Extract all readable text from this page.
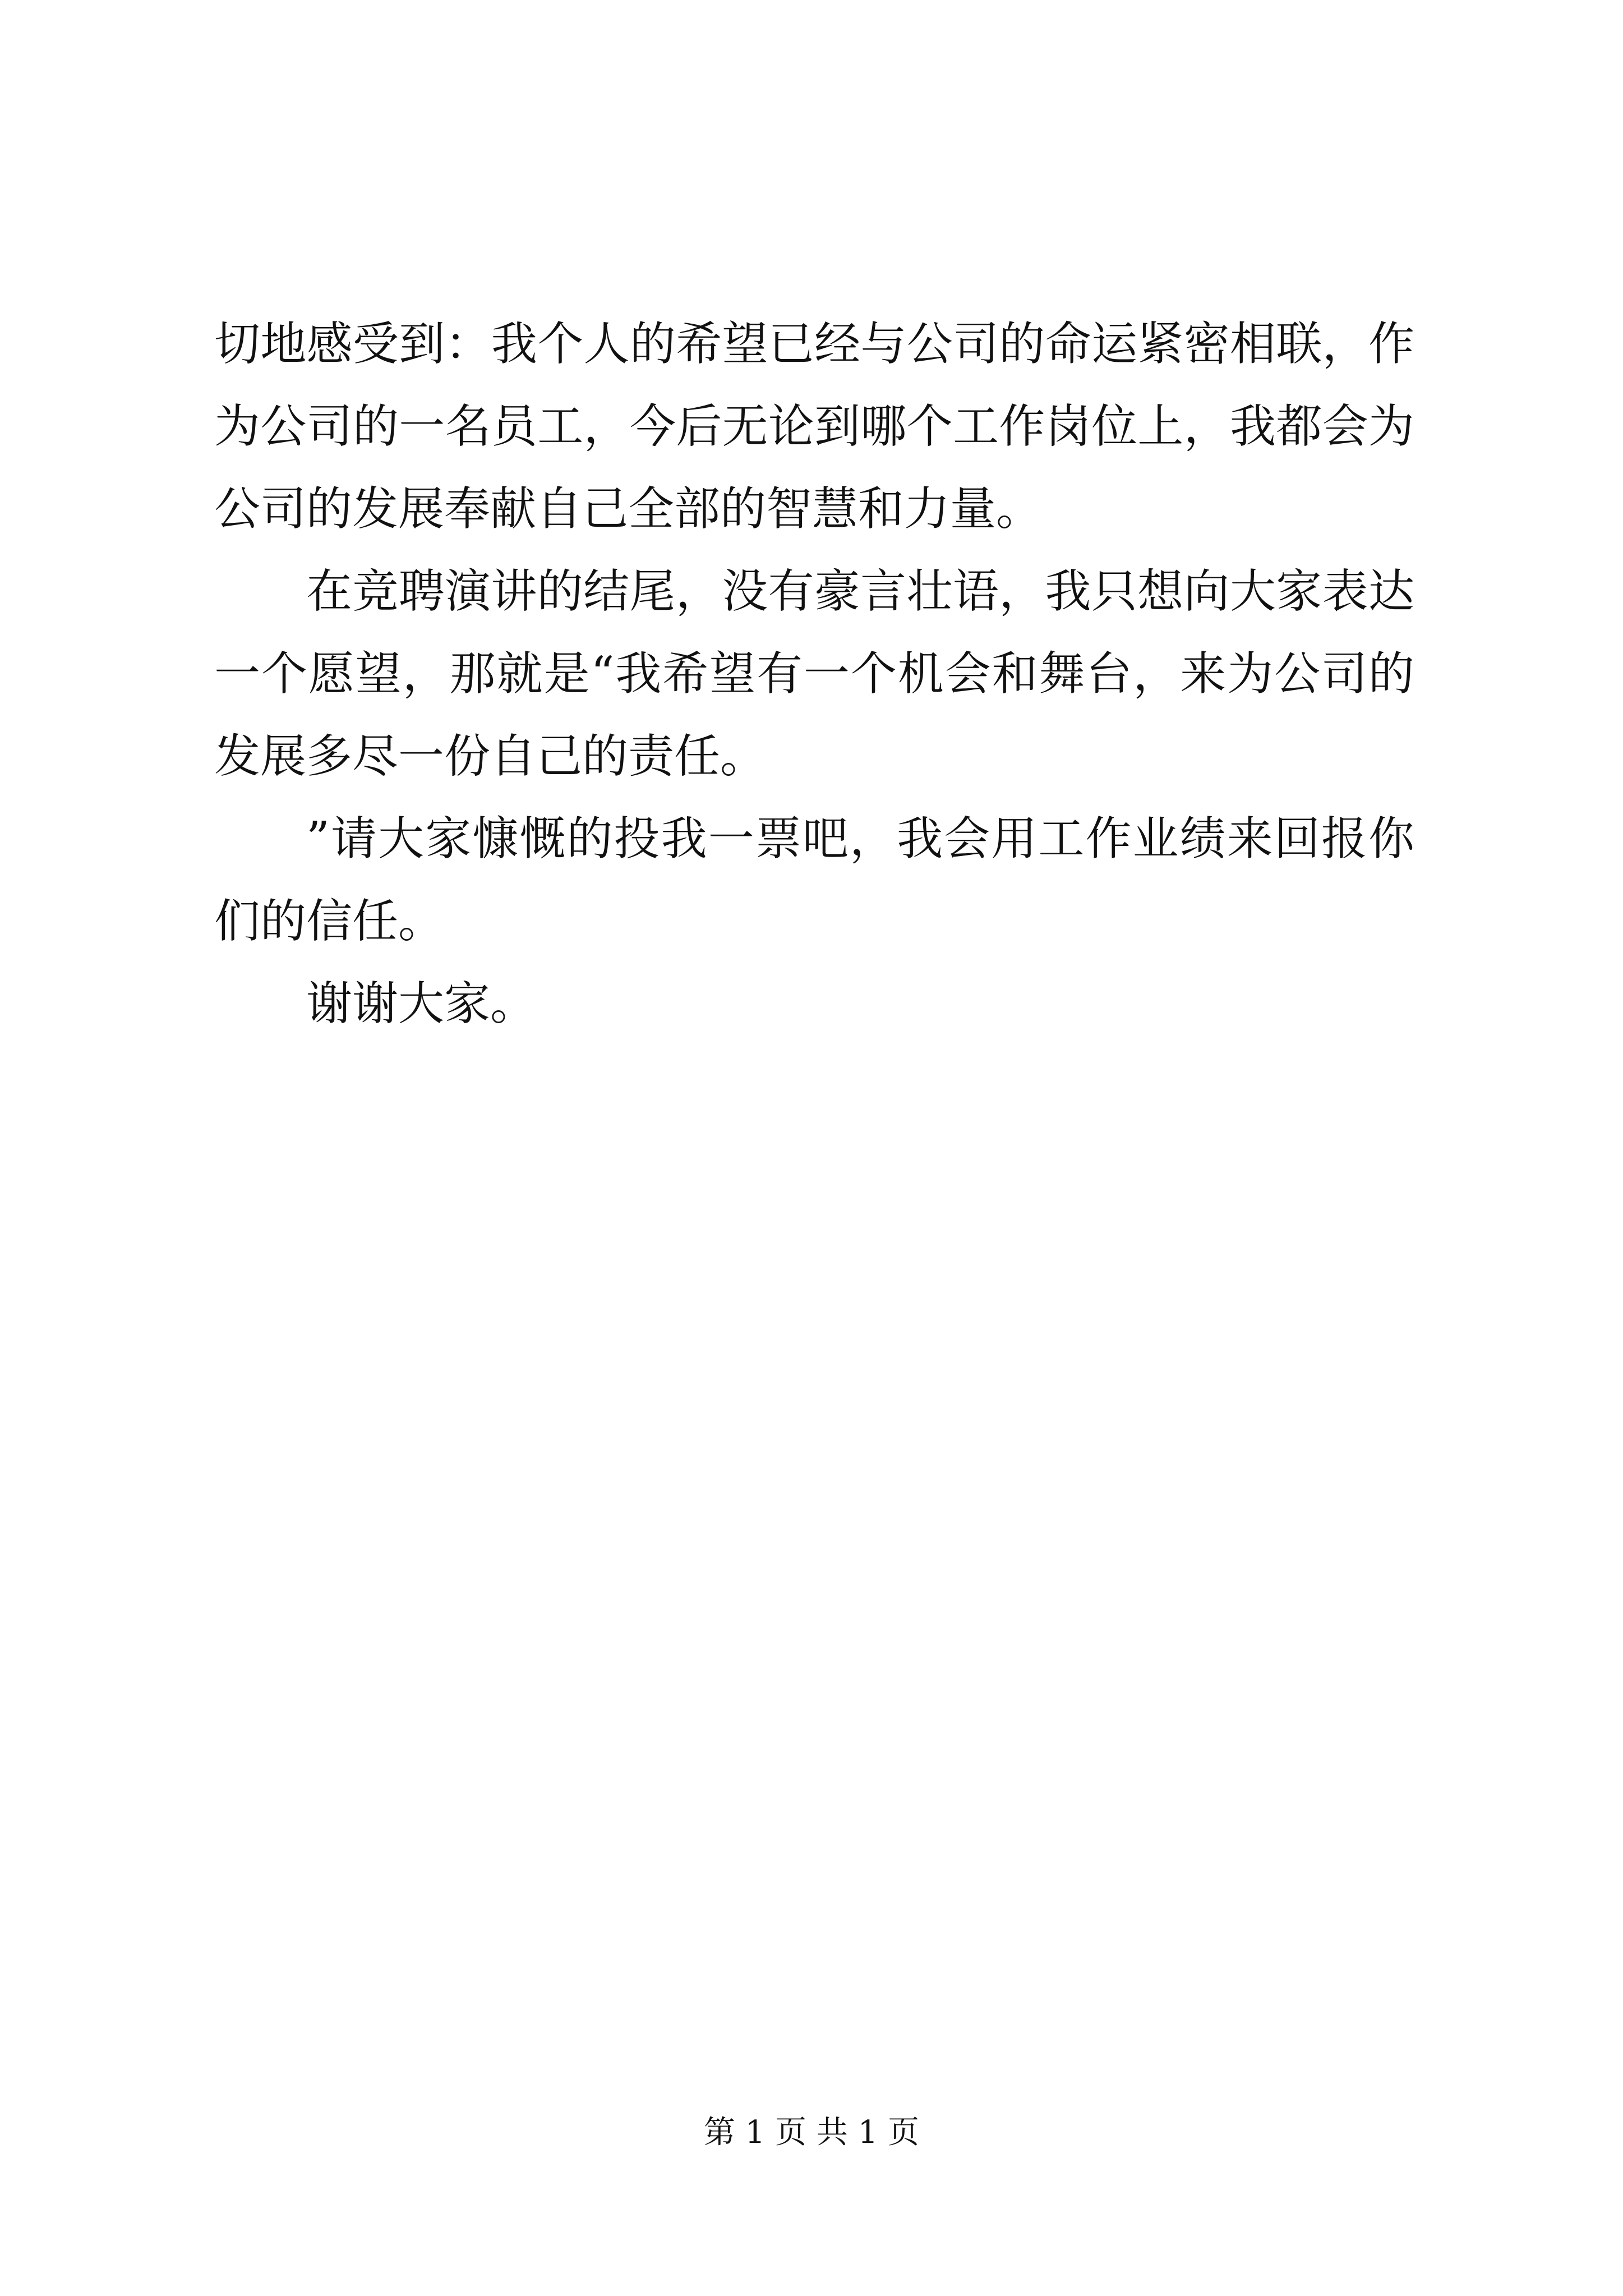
切地感受到：我个人的希望已经与公司的命运紧密相联，作为公司的一名员工，今后无论到哪个工作岗位上，我都会为公司的发展奉献自己全部的智慧和力量。

在竞聘演讲的结尾，没有豪言壮语，我只想向大家表达一个愿望，那就是“我希望有一个机会和舞台，来为公司的发展多尽一份自己的责任。

”请大家慷慨的投我一票吧，我会用工作业绩来回报你们的信任。

谢谢大家。

第 1 页 共 1 页
